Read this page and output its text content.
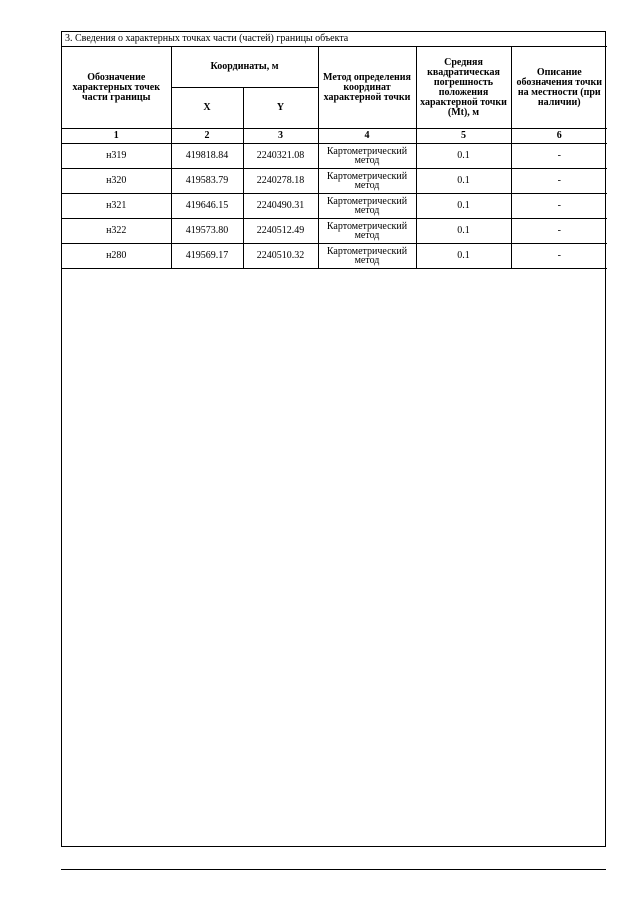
3. Сведения о характерных точках части (частей) границы объекта					
Обозначение характерных точек части границы	Координаты, м		Метод определения координат характерной точки	Средняя квадратическая погрешность положения характерной точки (Mt), м	Описание обозначения точки на местности (при наличии)
	X	Y			
1	2	3	4	5	6
н319	419818.84	2240321.08	Картометрический метод	0.1	-
н320	419583.79	2240278.18	Картометрический метод	0.1	-
н321	419646.15	2240490.31	Картометрический метод	0.1	-
н322	419573.80	2240512.49	Картометрический метод	0.1	-
н280	419569.17	2240510.32	Картометрический метод	0.1	-
